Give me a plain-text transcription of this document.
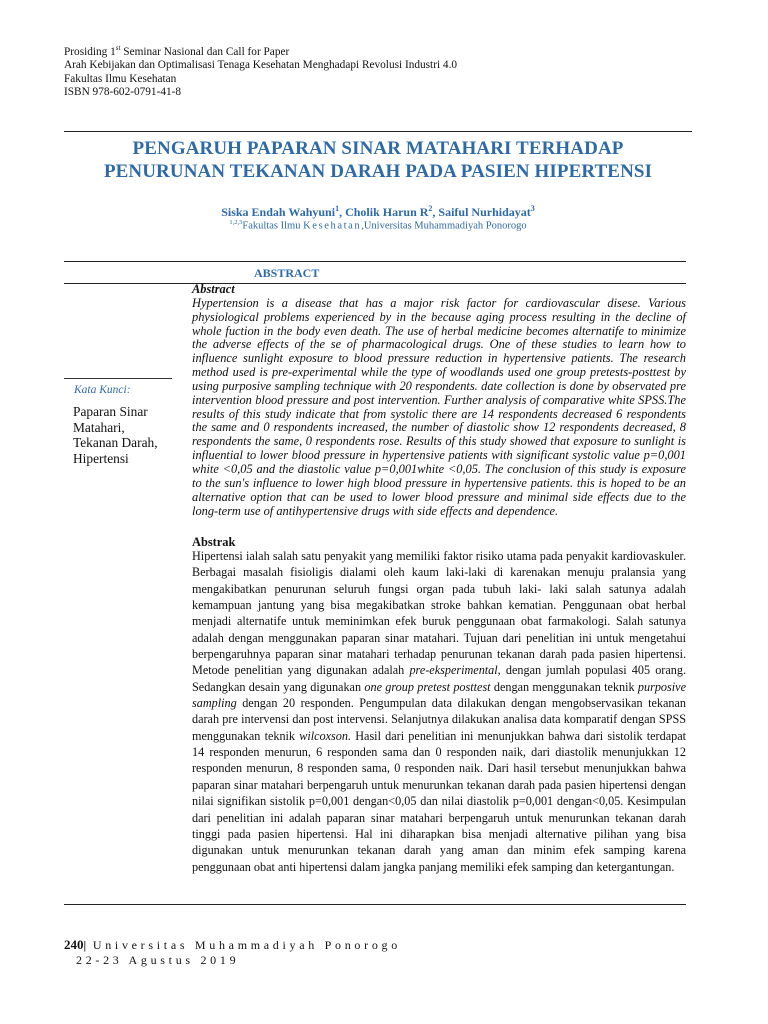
Prosiding 1st Seminar Nasional dan Call for Paper
Arah Kebijakan dan Optimalisasi Tenaga Kesehatan Menghadapi Revolusi Industri 4.0
Fakultas Ilmu Kesehatan
ISBN 978-602-0791-41-8
PENGARUH PAPARAN SINAR MATAHARI TERHADAP
PENURUNAN TEKANAN DARAH PADA PASIEN HIPERTENSI
Siska Endah Wahyuni$^1$, Cholik Harun $R^2$, Saiful Nurhidayat$^3$
$^{1,2,3}$Fakultas Ilmu Kesehatan,Universitas Muhammadiyah Ponorogo
ABSTRACT
Kata Kunci:
Paparan Sinar
Matahari,
Tekanan Darah,
Hipertensi
Abstract
Hypertension is a disease that has a major risk factor for cardiovascular disese. Various physiological problems experienced by in the because aging process resulting in the decline of whole fuction in the body even death. The use of herbal medicine becomes alternatife to minimize the adverse effects of the se of pharmacological drugs. One of these studies to learn how to influence sunlight exposure to blood pressure reduction in hypertensive patients. The research method used is pre-experimental while the type of woodlands used one group pretests-posttest by using purposive sampling technique with 20 respondents. date collection is done by observated pre intervention blood pressure and post intervention. Further analysis of comparative white SPSS.The results of this study indicate that from systolic there are 14 respondents decreased 6 respondents the same and 0 respondents increased, the number of diastolic show 12 respondents decreased, 8 respondents the same, 0 respondents rose. Results of this study showed that exposure to sunlight is influential to lower blood pressure in hypertensive patients with significant systolic value p=0,001 white <0,05 and the diastolic value p=0,001white <0,05. The conclusion of this study is exposure to the sun's influence to lower high blood pressure in hypertensive patients. this is hoped to be an alternative option that can be used to lower blood pressure and minimal side effects due to the long-term use of antihypertensive drugs with side effects and dependence.
Abstrak
Hipertensi ialah salah satu penyakit yang memiliki faktor risiko utama pada penyakit kardiovaskuler. Berbagai masalah fisioligis dialami oleh kaum laki-laki di karenakan menuju pralansia yang mengakibatkan penurunan seluruh fungsi organ pada tubuh laki- laki salah satunya adalah kemampuan jantung yang bisa megakibatkan stroke bahkan kematian. Penggunaan obat herbal menjadi alternatife untuk meminimkan efek buruk penggunaan obat farmakologi. Salah satunya adalah dengan menggunakan paparan sinar matahari. Tujuan dari penelitian ini untuk mengetahui berpengaruhnya paparan sinar matahari terhadap penurunan tekanan darah pada pasien hipertensi. Metode penelitian yang digunakan adalah pre-eksperimental, dengan jumlah populasi 405 orang. Sedangkan desain yang digunakan one group pretest posttest dengan menggunakan teknik purposive sampling dengan 20 responden. Pengumpulan data dilakukan dengan mengobservasikan tekanan darah pre intervensi dan post intervensi. Selanjutnya dilakukan analisa data komparatif dengan SPSS menggunakan teknik wilcoxson. Hasil dari penelitian ini menunjukkan bahwa dari sistolik terdapat 14 responden menurun, 6 responden sama dan 0 responden naik, dari diastolik menunjukkan 12 responden menurun, 8 responden sama, 0 responden naik. Dari hasil tersebut menunjukkan bahwa paparan sinar matahari berpengaruh untuk menurunkan tekanan darah pada pasien hipertensi dengan nilai signifikan sistolik p=0,001 dengan<0,05 dan nilai diastolik p=0,001 dengan<0,05. Kesimpulan dari penelitian ini adalah paparan sinar matahari berpengaruh untuk menurunkan tekanan darah tinggi pada pasien hipertensi. Hal ini diharapkan bisa menjadi alternative pilihan yang bisa digunakan untuk menurunkan tekanan darah yang aman dan minim efek samping karena penggunaan obat anti hipertensi dalam jangka panjang memiliki efek samping dan ketergantungan.
240| Universitas Muhammadiyah Ponorogo
22-23 Agustus 2019
